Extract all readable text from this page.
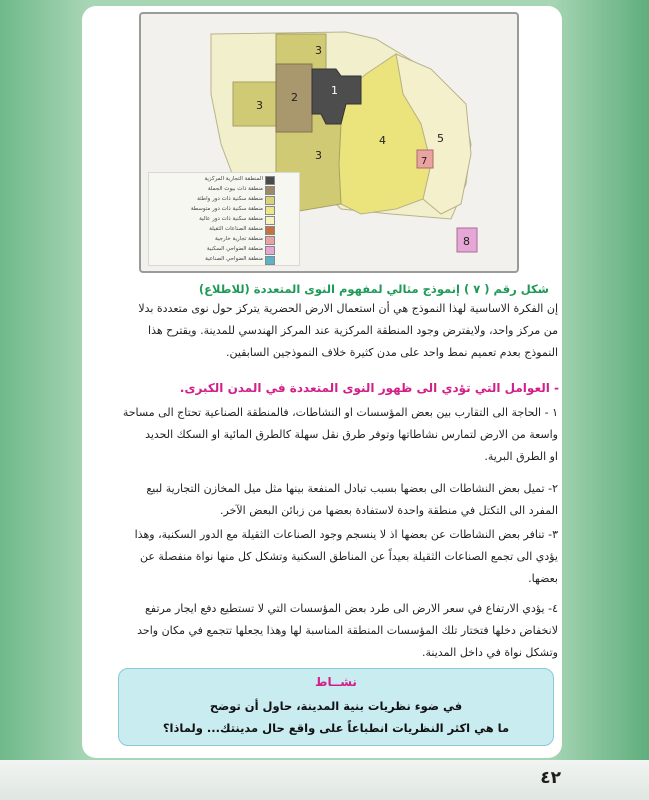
1
2
3
3
3
4	5
7
8
المنطقة التجارية المركزية
منطقة ذات بيوت الجملة
منطقة سكنية ذات دور واطئة
منطقة سكنية ذات دور متوسطة
منطقة سكنية ذات دور عالية
منطقة الصناعات الثقيلة
منطقة تجارية خارجية
منطقة الضواحي السكنية
منطقة الضواحي الصناعية
شكل رقم ( ٧ ) إنموذج مثالي لمفهوم النوى المتعددة (للاطلاع)
إن الفكرة الاساسية لهذا النموذج هي أن استعمال الارض الحضرية يتركز حول نوى متعددة بدلا
من مركز واحد، ولايفترض وجود المنطقة المركزية عند المركز الهندسي للمدينة. ويقترح هذا
النموذج بعدم تعميم نمط واحد على مدن كثيرة خلاف النموذجين السابقين.
- العوامل التي تؤدي الى ظهور النوى المتعددة في المدن الكبرى.
١ - الحاجة الى التقارب بين بعض المؤسسات او النشاطات، فالمنطقة الصناعية تحتاج الى مساحة
واسعة من الارض لتمارس نشاطاتها وتوفر طرق نقل سهلة كالطرق المائية او السكك الحديد
او الطرق البرية.
٢- تميل بعض النشاطات الى بعضها بسبب تبادل المنفعة بينها مثل ميل المخازن التجارية لبيع
المفرد الى التكتل في منطقة واحدة لاستفادة بعضها من زبائن البعض الآخر.
٣- تنافر بعض النشاطات عن بعضها اذ لا ينسجم وجود الصناعات الثقيلة مع الدور السكنية، وهذا
يؤدي الى تجمع الصناعات الثقيلة بعيداً عن المناطق السكنية وتشكل كل منها نواة منفصلة عن
بعضها.
٤- يؤدي الارتفاع في سعر الارض الى طرد بعض المؤسسات التي لا تستطيع دفع ايجار مرتفع
لانخفاض دخلها فتختار تلك المؤسسات المنطقة المناسبة لها وهذا يجعلها تتجمع في مكان واحد
وتشكل نواة في داخل المدينة.
نشــاط
في ضوء نظريات بنية المدينة، حاول أن توضح
ما هي اكثر النظريات انطباعاً على واقع حال مدينتك... ولماذا؟
٤٢
